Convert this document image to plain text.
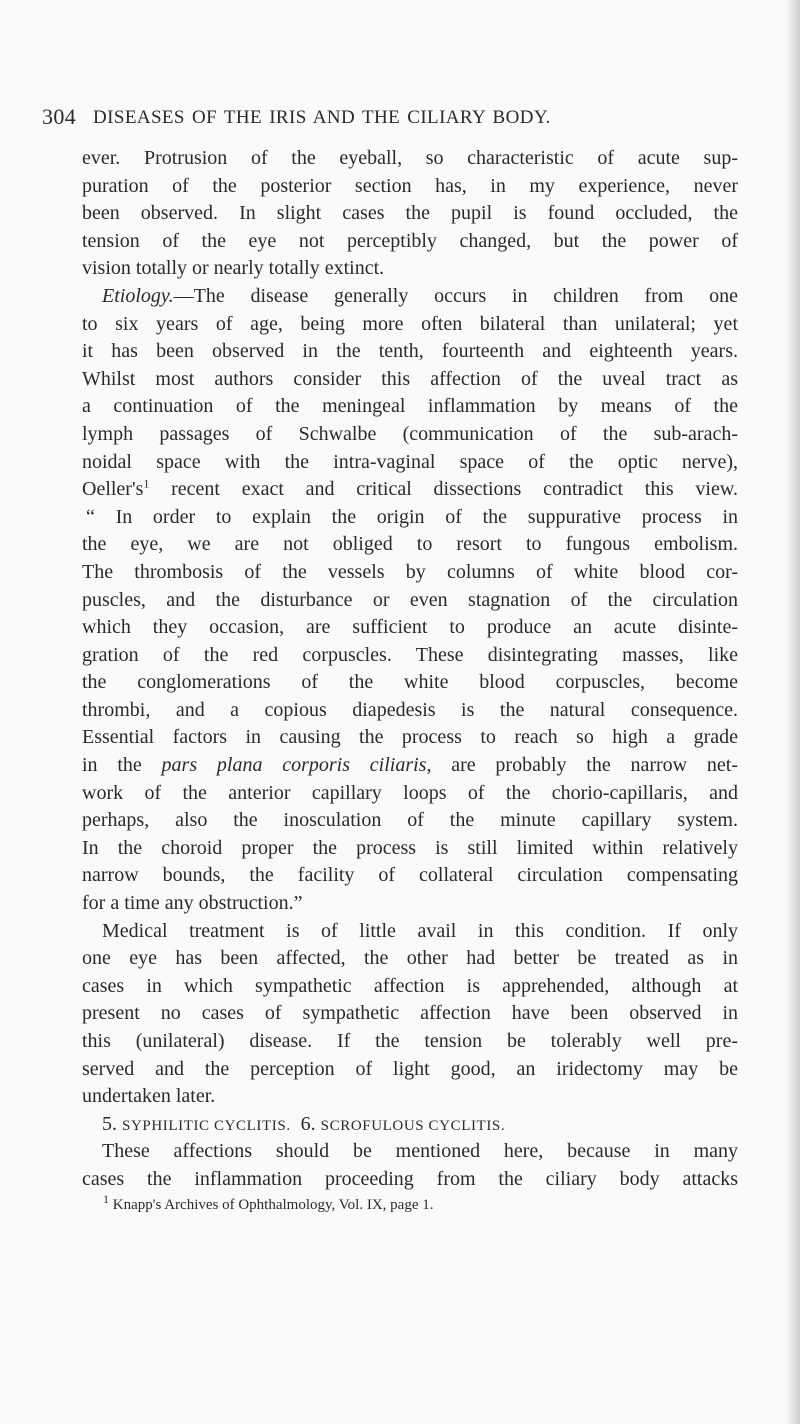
304 DISEASES OF THE IRIS AND THE CILIARY BODY.
ever. Protrusion of the eyeball, so characteristic of acute sup-
puration of the posterior section has, in my experience, never
been observed. In slight cases the pupil is found occluded, the
tension of the eye not perceptibly changed, but the power of
vision totally or nearly totally extinct.
Etiology.—The disease generally occurs in children from one
to six years of age, being more often bilateral than unilateral; yet
it has been observed in the tenth, fourteenth and eighteenth years.
Whilst most authors consider this affection of the uveal tract as
a continuation of the meningeal inflammation by means of the
lymph passages of Schwalbe (communication of the sub-arach-
noidal space with the intra-vaginal space of the optic nerve),
$Oeller's^1$ recent exact and critical dissections contradict this view.
“ In order to explain the origin of the suppurative process in
the eye, we are not obliged to resort to fungous embolism.
The thrombosis of the vessels by columns of white blood cor-
puscles, and the disturbance or even stagnation of the circulation
which they occasion, are sufficient to produce an acute disinte-
gration of the red corpuscles. These disintegrating masses, like
the conglomerations of the white blood corpuscles, become
thrombi, and a copious diapedesis is the natural consequence.
Essential factors in causing the process to reach so high a grade
in the pars plana corporis ciliaris, are probably the narrow net-
work of the anterior capillary loops of the chorio-capillaris, and
perhaps, also the inosculation of the minute capillary system.
In the choroid proper the process is still limited within relatively
narrow bounds, the facility of collateral circulation compensating
for a time any obstruction.”
Medical treatment is of little avail in this condition. If only
one eye has been affected, the other had better be treated as in
cases in which sympathetic affection is apprehended, although at
present no cases of sympathetic affection have been observed in
this (unilateral) disease. If the tension be tolerably well pre-
served and the perception of light good, an iridectomy may be
undertaken later.
5. SYPHILITIC CYCLITIS. 6. SCROFULOUS CYCLITIS.
These affections should be mentioned here, because in many
cases the inflammation proceeding from the ciliary body attacks
$^1$ Knapp's Archives of Ophthalmology, Vol. IX, page 1.
